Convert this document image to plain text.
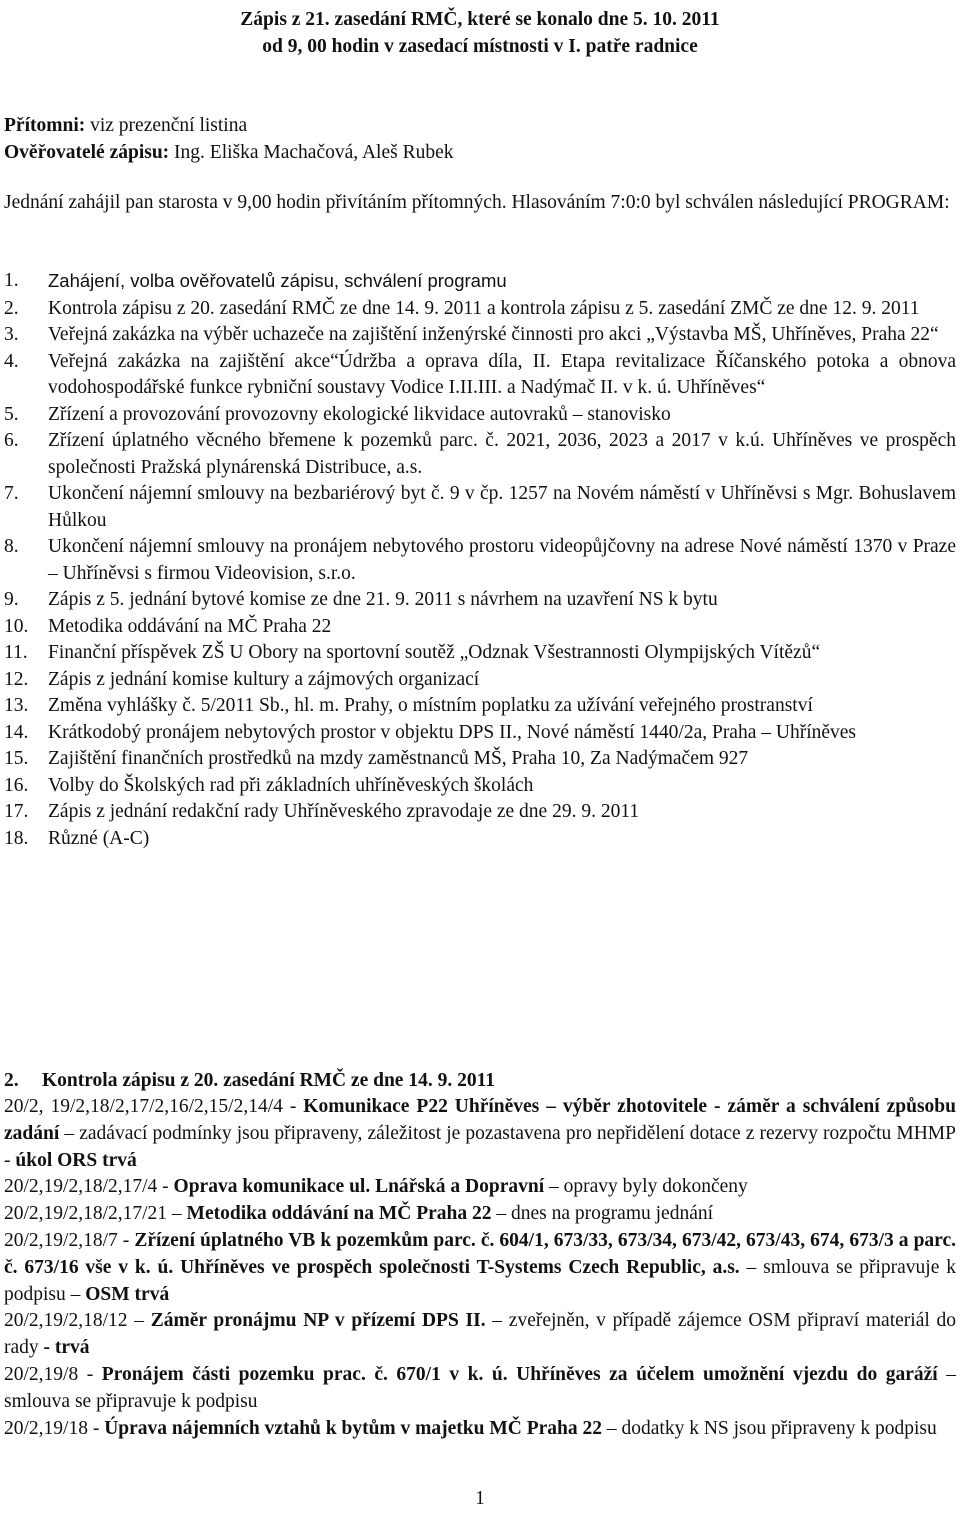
Zápis z 21. zasedání RMČ, které se konalo dne 5. 10. 2011
od 9, 00 hodin v zasedací místnosti v I. patře radnice
Přítomni: viz prezenční listina
Ověřovatelé zápisu: Ing. Eliška Machačová, Aleš Rubek
Jednání zahájil pan starosta v 9,00 hodin přivítáním přítomných. Hlasováním 7:0:0 byl schválen následující PROGRAM:
1. Zahájení, volba ověřovatelů zápisu, schválení programu
2. Kontrola zápisu z 20. zasedání RMČ ze dne 14. 9. 2011 a kontrola zápisu z 5. zasedání ZMČ ze dne 12. 9. 2011
3. Veřejná zakázka na výběr uchazeče na zajištění inženýrské činnosti pro akci „Výstavba MŠ, Uhříněves, Praha 22“
4. Veřejná zakázka na zajištění akce“Údržba a oprava díla, II. Etapa revitalizace Říčanského potoka a obnova vodohospodářské funkce rybniční soustavy Vodice I.II.III. a Nadýmač II. v k. ú. Uhříněves“
5. Zřízení a provozování provozovny ekologické likvidace autovraků – stanovisko
6. Zřízení úplatného věcného břemene k pozemků parc. č. 2021, 2036, 2023 a 2017 v k.ú. Uhříněves ve prospěch společnosti Pražská plynárenská Distribuce, a.s.
7. Ukončení nájemní smlouvy na bezbariérový byt č. 9 v čp. 1257 na Novém náměstí v Uhříněvsi s Mgr. Bohuslavem Hůlkou
8. Ukončení nájemní smlouvy na pronájem nebytového prostoru videopůjčovny na adrese Nové náměstí 1370 v Praze – Uhříněvsi s firmou Videovision, s.r.o.
9. Zápis z 5. jednání bytové komise ze dne 21. 9. 2011 s návrhem na uzavření NS k bytu
10. Metodika oddávání na MČ Praha 22
11. Finanční příspěvek ZŠ U Obory na sportovní soutěž „Odznak Všestrannosti Olympijských Vítězů“
12. Zápis z jednání komise kultury a zájmových organizací
13. Změna vyhlášky č. 5/2011 Sb., hl. m. Prahy, o místním poplatku za užívání veřejného prostranství
14. Krátkodobý pronájem nebytových prostor v objektu DPS II., Nové náměstí 1440/2a, Praha – Uhříněves
15. Zajištění finančních prostředků na mzdy zaměstnanců MŠ, Praha 10, Za Nadýmačem 927
16. Volby do Školských rad při základních uhříněveských školách
17. Zápis z jednání redakční rady Uhříněveského zpravodaje ze dne 29. 9. 2011
18. Různé (A-C)
2. Kontrola zápisu z 20. zasedání RMČ ze dne 14. 9. 2011
20/2, 19/2,18/2,17/2,16/2,15/2,14/4 - Komunikace P22 Uhříněves – výběr zhotovitele - záměr a schválení způsobu zadání – zadávací podmínky jsou připraveny, záležitost je pozastavena pro nepřidělení dotace z rezervy rozpočtu MHMP - úkol ORS trvá
20/2,19/2,18/2,17/4 - Oprava komunikace ul. Lnářská a Dopravní – opravy byly dokončeny
20/2,19/2,18/2,17/21 – Metodika oddávání na MČ Praha 22 – dnes na programu jednání
20/2,19/2,18/7 - Zřízení úplatného VB k pozemkům parc. č. 604/1, 673/33, 673/34, 673/42, 673/43, 674, 673/3 a parc. č. 673/16 vše v k. ú. Uhříněves ve prospěch společnosti T-Systems Czech Republic, a.s. – smlouva se připravuje k podpisu – OSM trvá
20/2,19/2,18/12 – Záměr pronájmu NP v přízemí DPS II. – zveřejněn, v případě zájemce OSM připraví materiál do rady - trvá
20/2,19/8 - Pronájem části pozemku prac. č. 670/1 v k. ú. Uhříněves za účelem umožnění vjezdu do garáží – smlouva se připravuje k podpisu
20/2,19/18 - Úprava nájemních vztahů k bytům v majetku MČ Praha 22 – dodatky k NS jsou připraveny k podpisu
1
